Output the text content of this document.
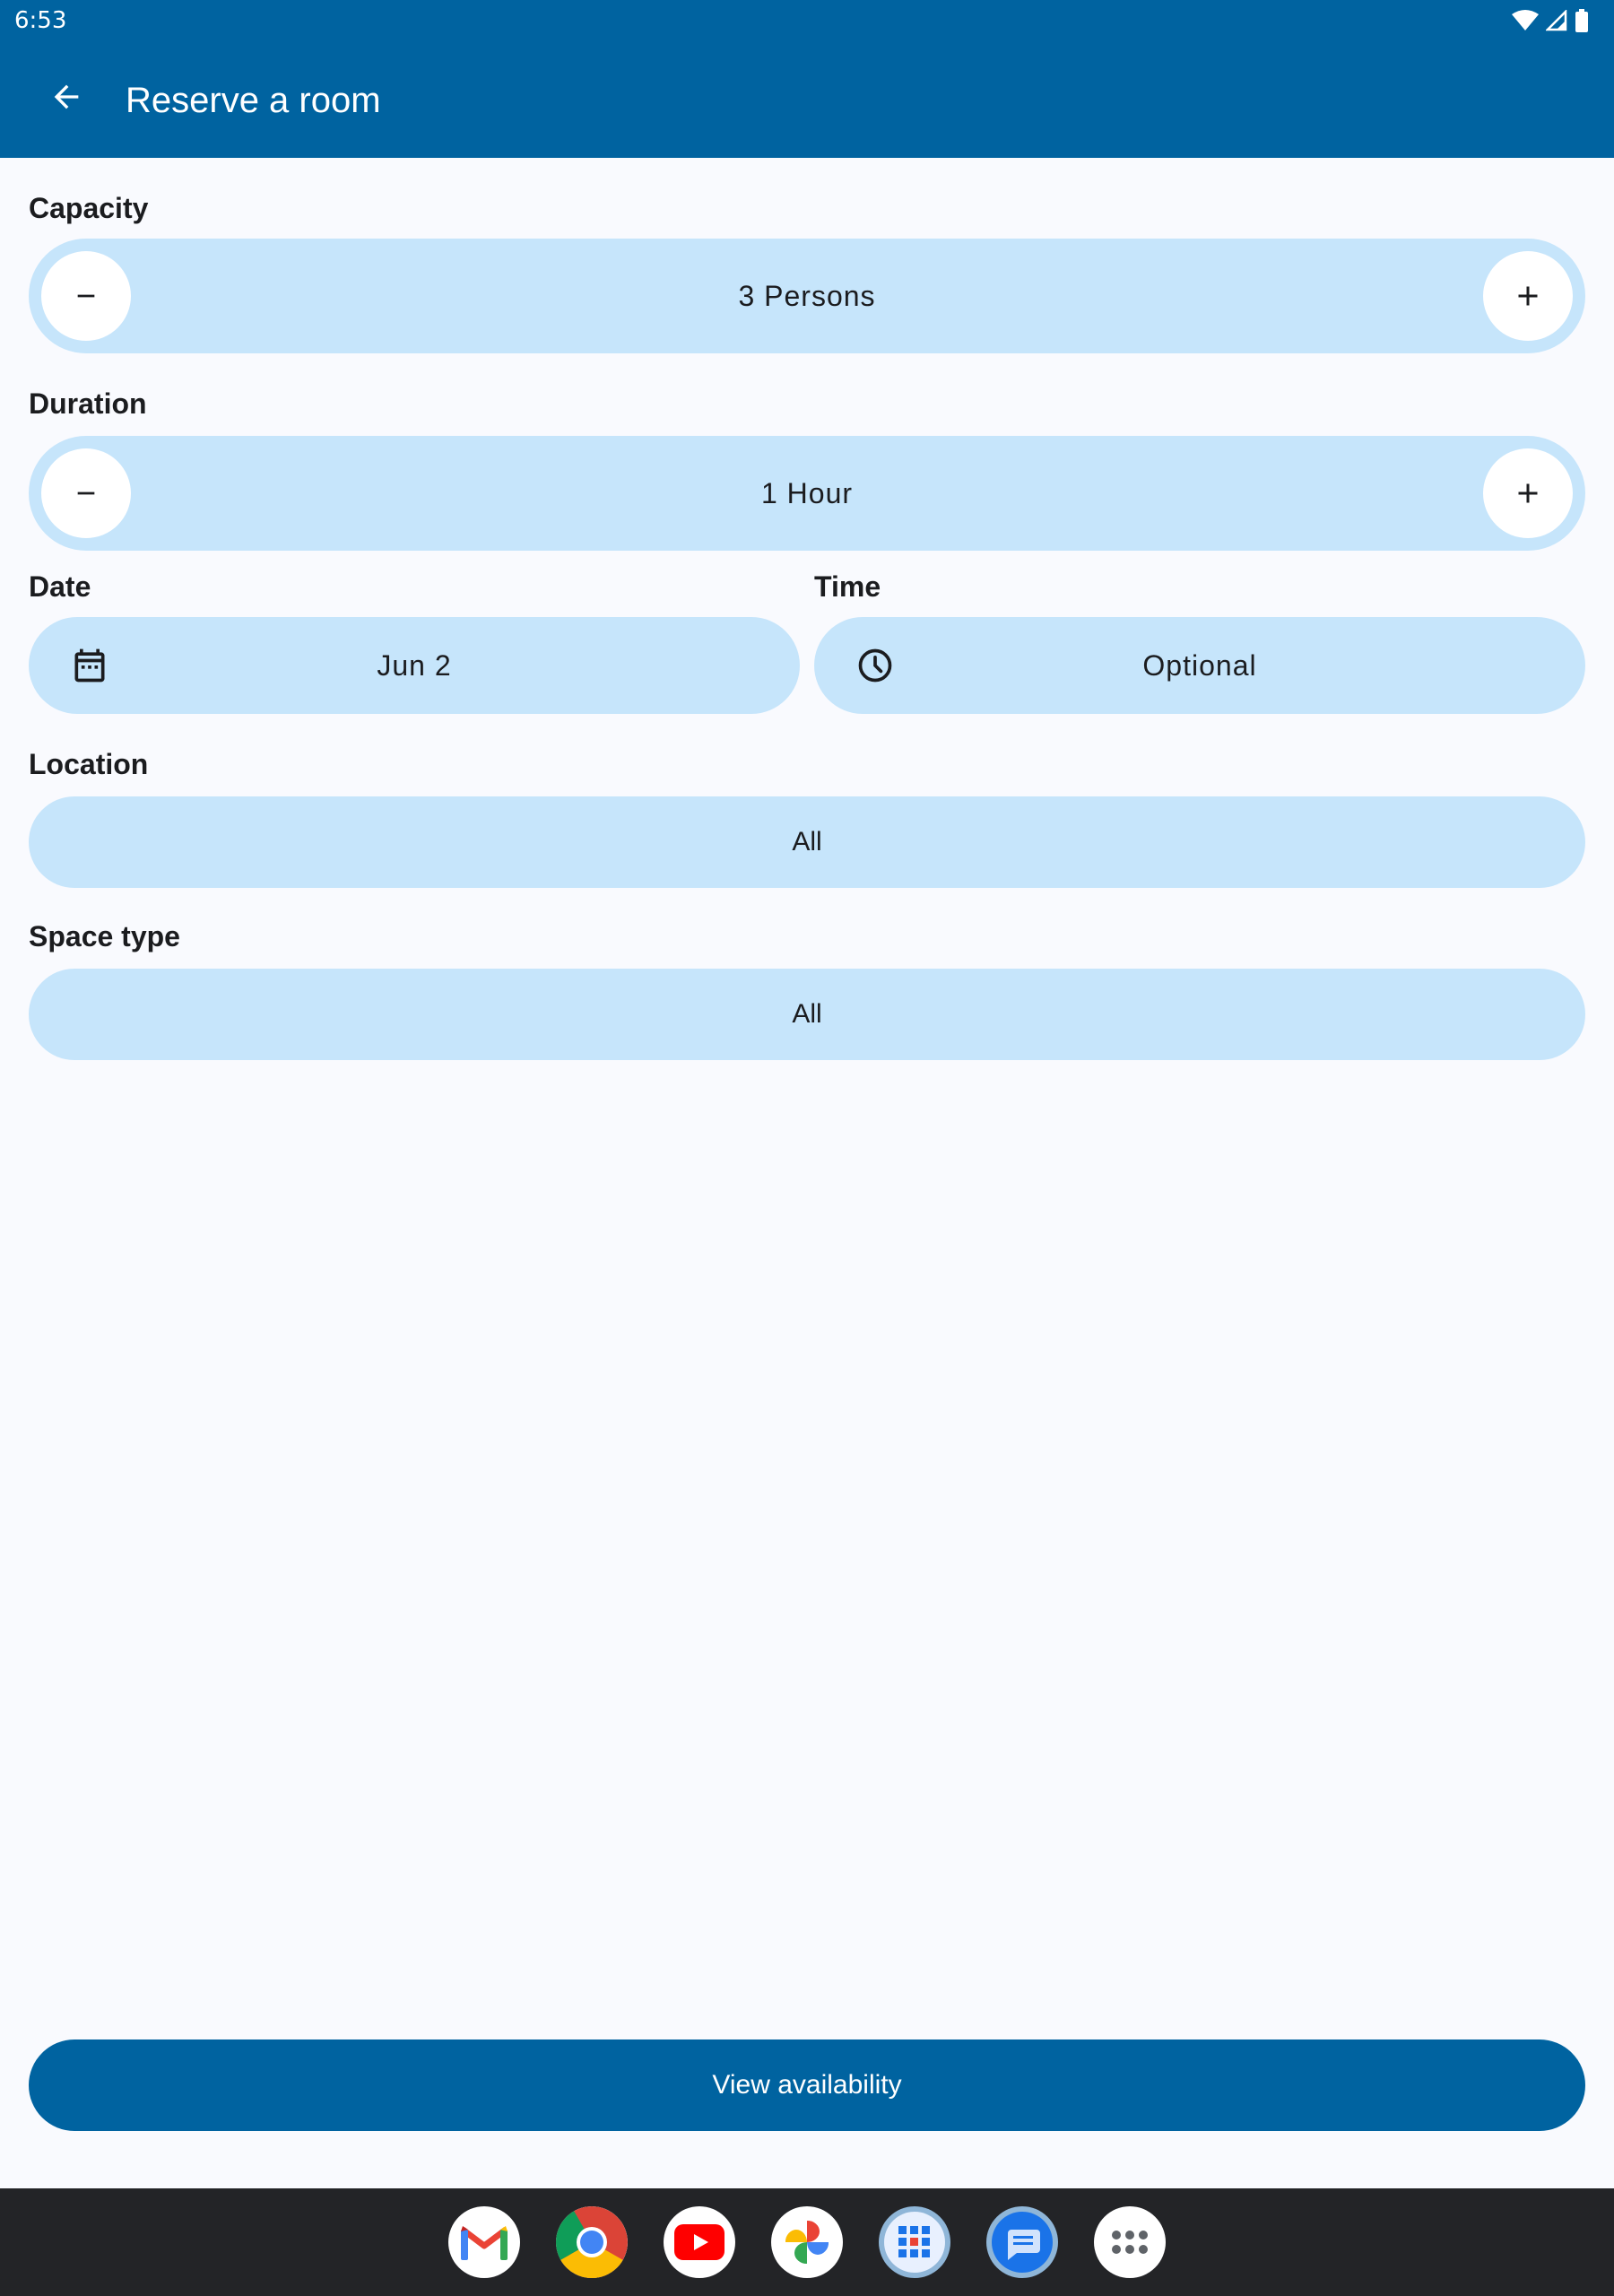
6:53
Reserve a room
Capacity
3 Persons
Duration
1 Hour
Date	Time
Jun 2	Optional
Location
All
Space type
All
View availability
